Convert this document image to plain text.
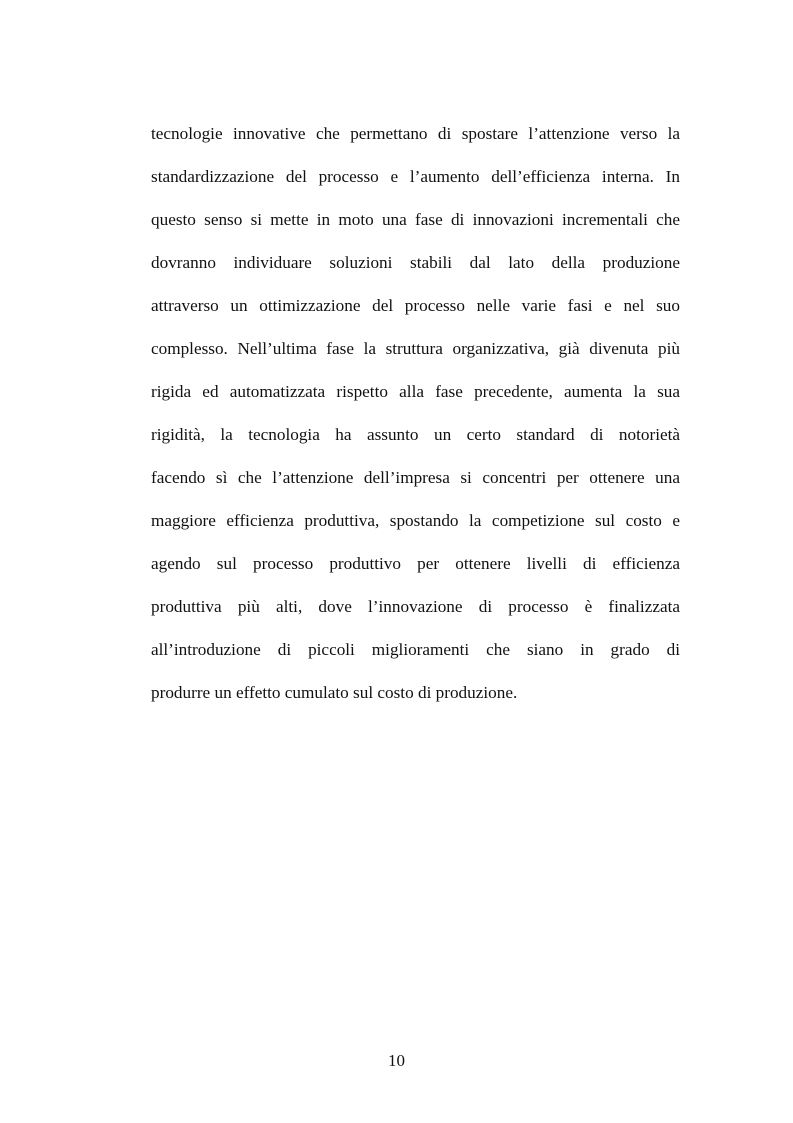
tecnologie innovative che permettano di spostare l’attenzione verso la
standardizzazione del processo e l’aumento dell’efficienza interna. In
questo senso si mette in moto una fase di innovazioni incrementali che
dovranno individuare soluzioni stabili dal lato della produzione
attraverso un ottimizzazione del processo nelle varie fasi e nel suo
complesso. Nell’ultima fase la struttura organizzativa, già divenuta più
rigida ed automatizzata rispetto alla fase precedente, aumenta la sua
rigidità, la tecnologia ha assunto un certo standard di notorietà
facendo sì che l’attenzione dell’impresa si concentri per ottenere una
maggiore efficienza produttiva, spostando la competizione sul costo e
agendo sul processo produttivo per ottenere livelli di efficienza
produttiva più alti, dove l’innovazione di processo è finalizzata
all’introduzione di piccoli miglioramenti che siano in grado di
produrre un effetto cumulato sul costo di produzione.

10
